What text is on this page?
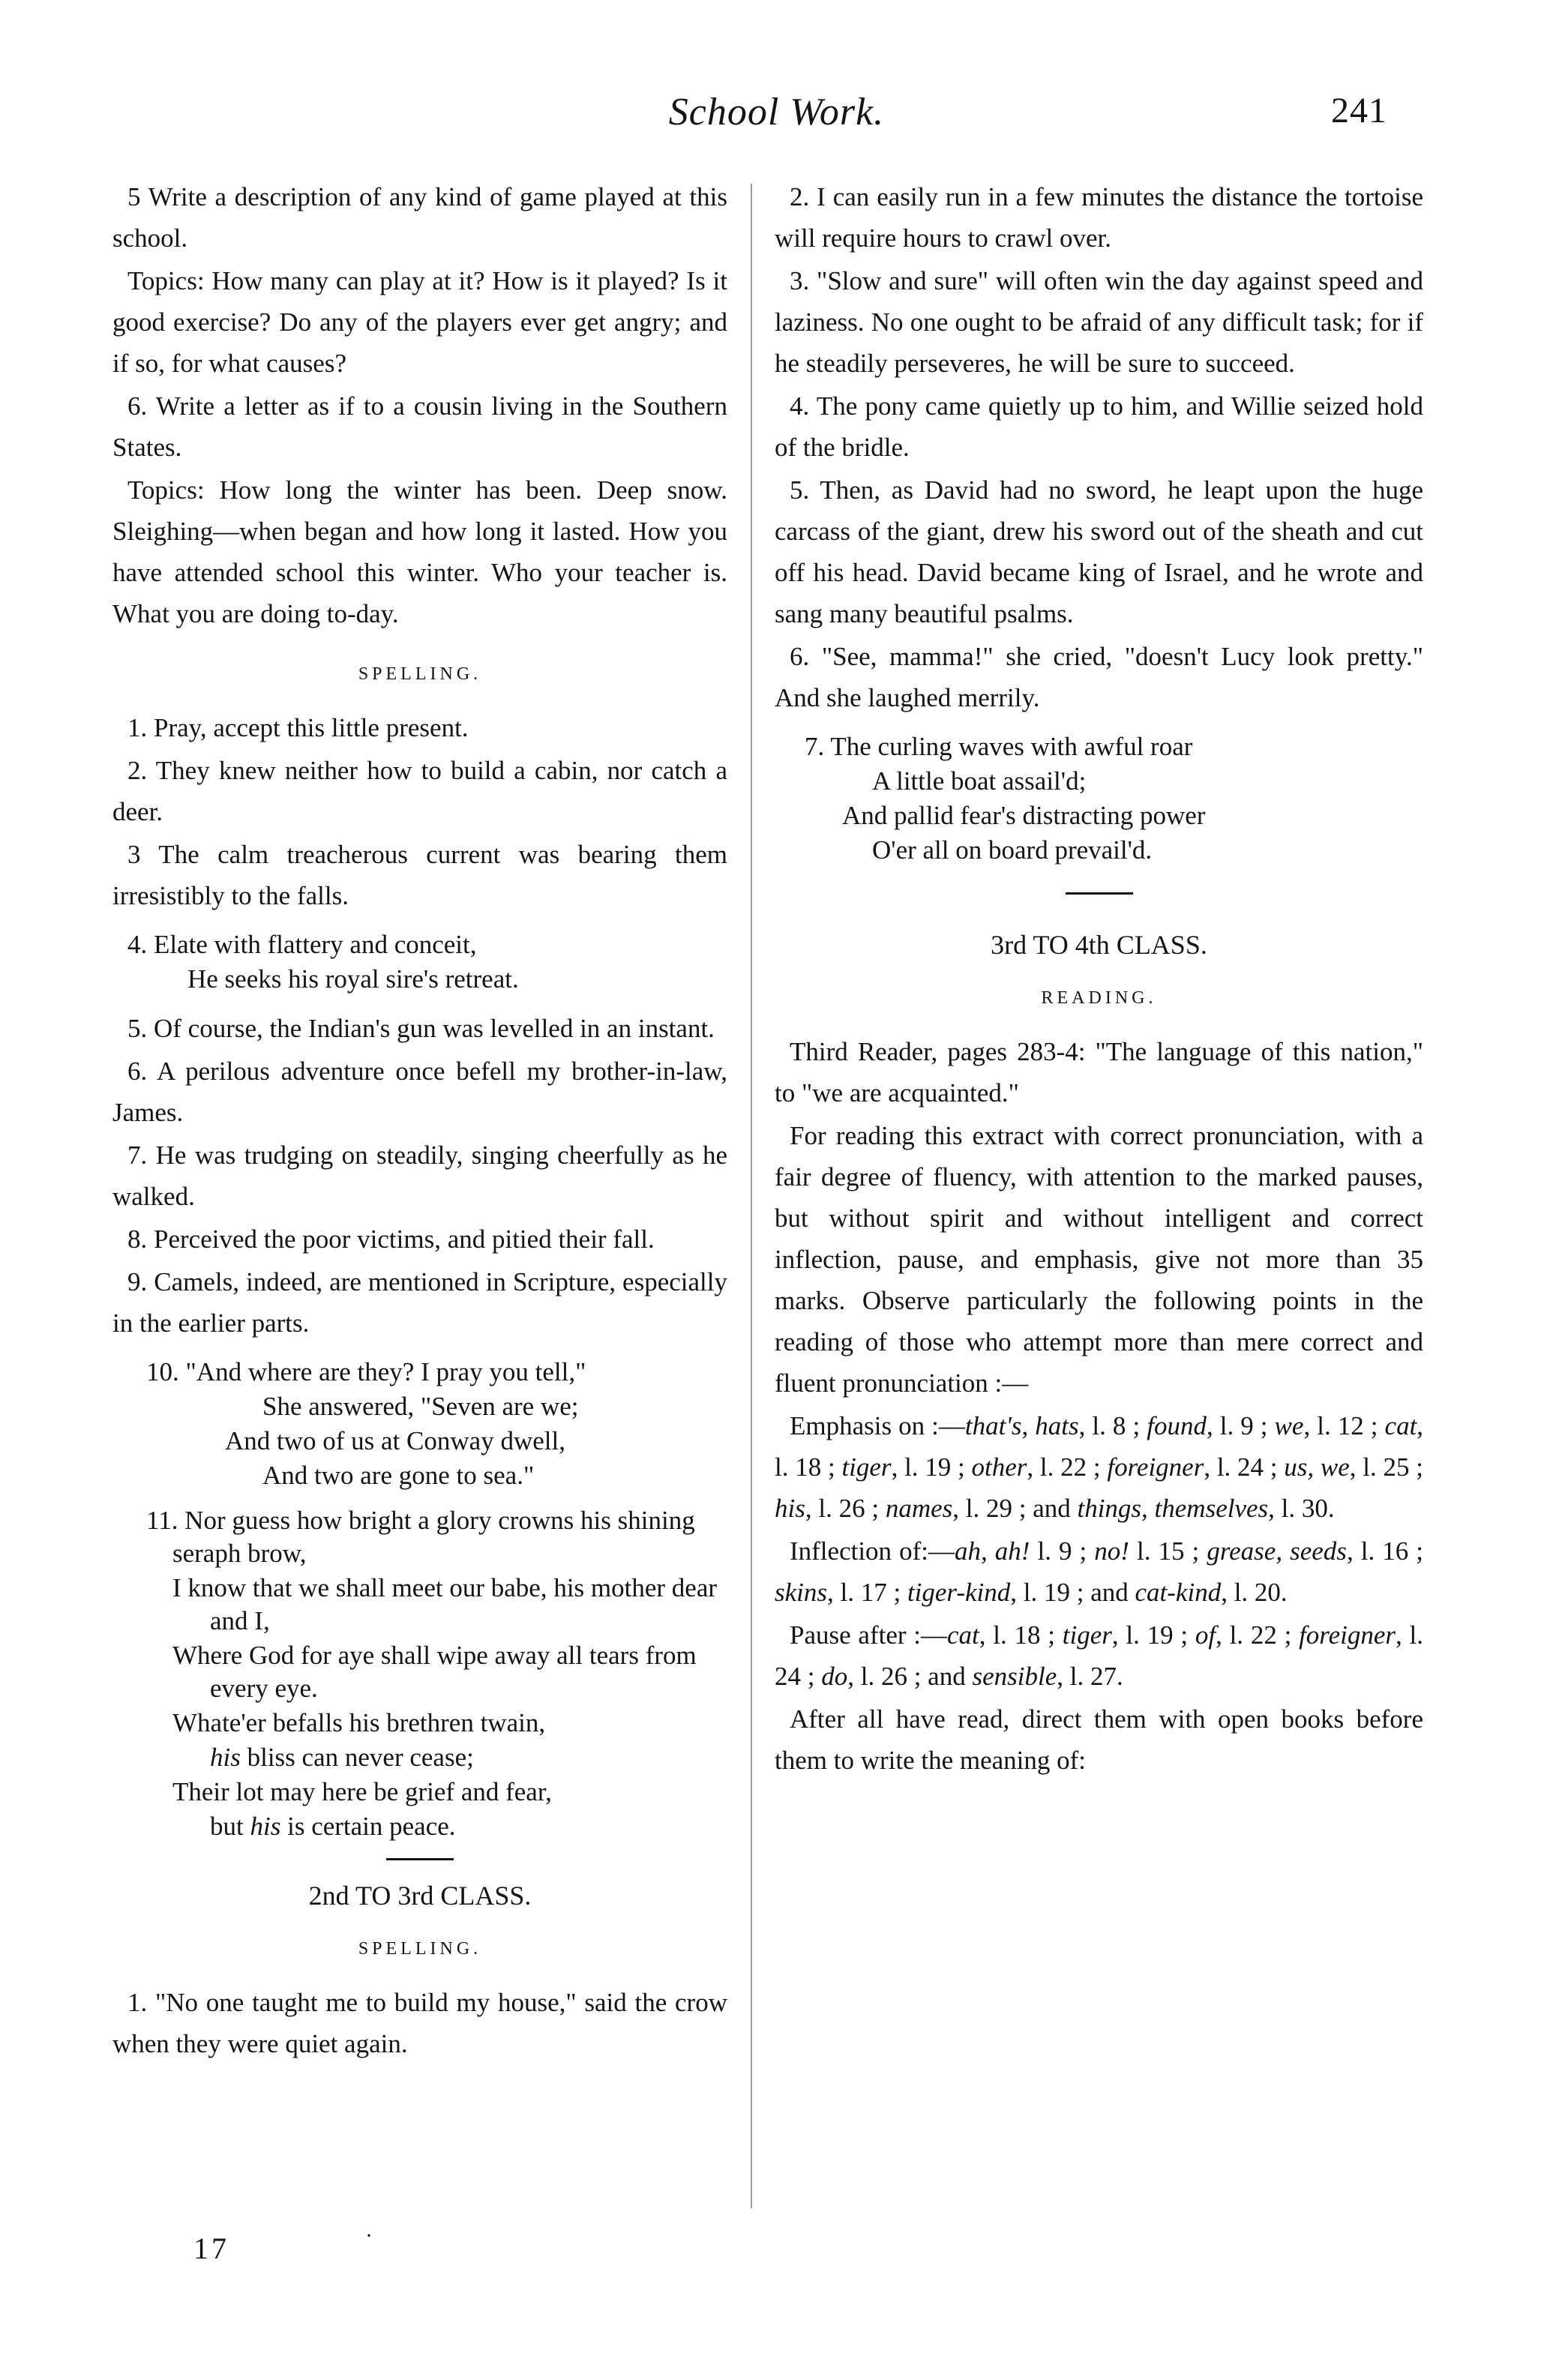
School Work.	241

5 Write a description of any kind of game played at this school.

Topics: How many can play at it? How is it played? Is it good exercise? Do any of the players ever get angry; and if so, for what causes?

6. Write a letter as if to a cousin living in the Southern States.

Topics: How long the winter has been. Deep snow. Sleighing—when began and how long it lasted. How you have attended school this winter. Who your teacher is. What you are doing to-day.

SPELLING.

1. Pray, accept this little present.

2. They knew neither how to build a cabin, nor catch a deer.

3 The calm treacherous current was bearing them irresistibly to the falls.

4. Elate with flattery and conceit,

He seeks his royal sire's retreat.

5. Of course, the Indian's gun was levelled in an instant.

6. A perilous adventure once befell my brother-in-law, James.

7. He was trudging on steadily, singing cheerfully as he walked.

8. Perceived the poor victims, and pitied their fall.

9. Camels, indeed, are mentioned in Scripture, especially in the earlier parts.

10. "And where are they? I pray you tell,"

She answered, "Seven are we;

And two of us at Conway dwell,

And two are gone to sea."

11. Nor guess how bright a glory crowns his shining seraph brow,

I know that we shall meet our babe, his mother dear and I,

Where God for aye shall wipe away all tears from every eye.

Whate'er befalls his brethren twain,

his bliss can never cease;

Their lot may here be grief and fear,

but his is certain peace.

2nd TO 3rd CLASS.

SPELLING.

1. "No one taught me to build my house," said the crow when they were quiet again.

17	·

2. I can easily run in a few minutes the distance the tortoise will require hours to crawl over.

3. "Slow and sure" will often win the day against speed and laziness. No one ought to be afraid of any difficult task; for if he steadily perseveres, he will be sure to succeed.

4. The pony came quietly up to him, and Willie seized hold of the bridle.

5. Then, as David had no sword, he leapt upon the huge carcass of the giant, drew his sword out of the sheath and cut off his head. David became king of Israel, and he wrote and sang many beautiful psalms.

6. "See, mamma!" she cried, "doesn't Lucy look pretty." And she laughed merrily.

7. The curling waves with awful roar

A little boat assail'd;

And pallid fear's distracting power

O'er all on board prevail'd.

3rd TO 4th CLASS.

READING.

Third Reader, pages 283-4: "The language of this nation," to "we are acquainted."

For reading this extract with correct pronunciation, with a fair degree of fluency, with attention to the marked pauses, but without spirit and without intelligent and correct inflection, pause, and emphasis, give not more than 35 marks. Observe particularly the following points in the reading of those who attempt more than mere correct and fluent pronunciation :—

Emphasis on :—that's, hats, l. 8 ; found, l. 9 ; we, l. 12 ; cat, l. 18 ; tiger, l. 19 ; other, l. 22 ; foreigner, l. 24 ; us, we, l. 25 ; his, l. 26 ; names, l. 29 ; and things, themselves, l. 30.

Inflection of:—ah, ah! l. 9 ; no! l. 15 ; grease, seeds, l. 16 ; skins, l. 17 ; tiger-kind, l. 19 ; and cat-kind, l. 20.

Pause after :—cat, l. 18 ; tiger, l. 19 ; of, l. 22 ; foreigner, l. 24 ; do, l. 26 ; and sensible, l. 27.

After all have read, direct them with open books before them to write the meaning of:
